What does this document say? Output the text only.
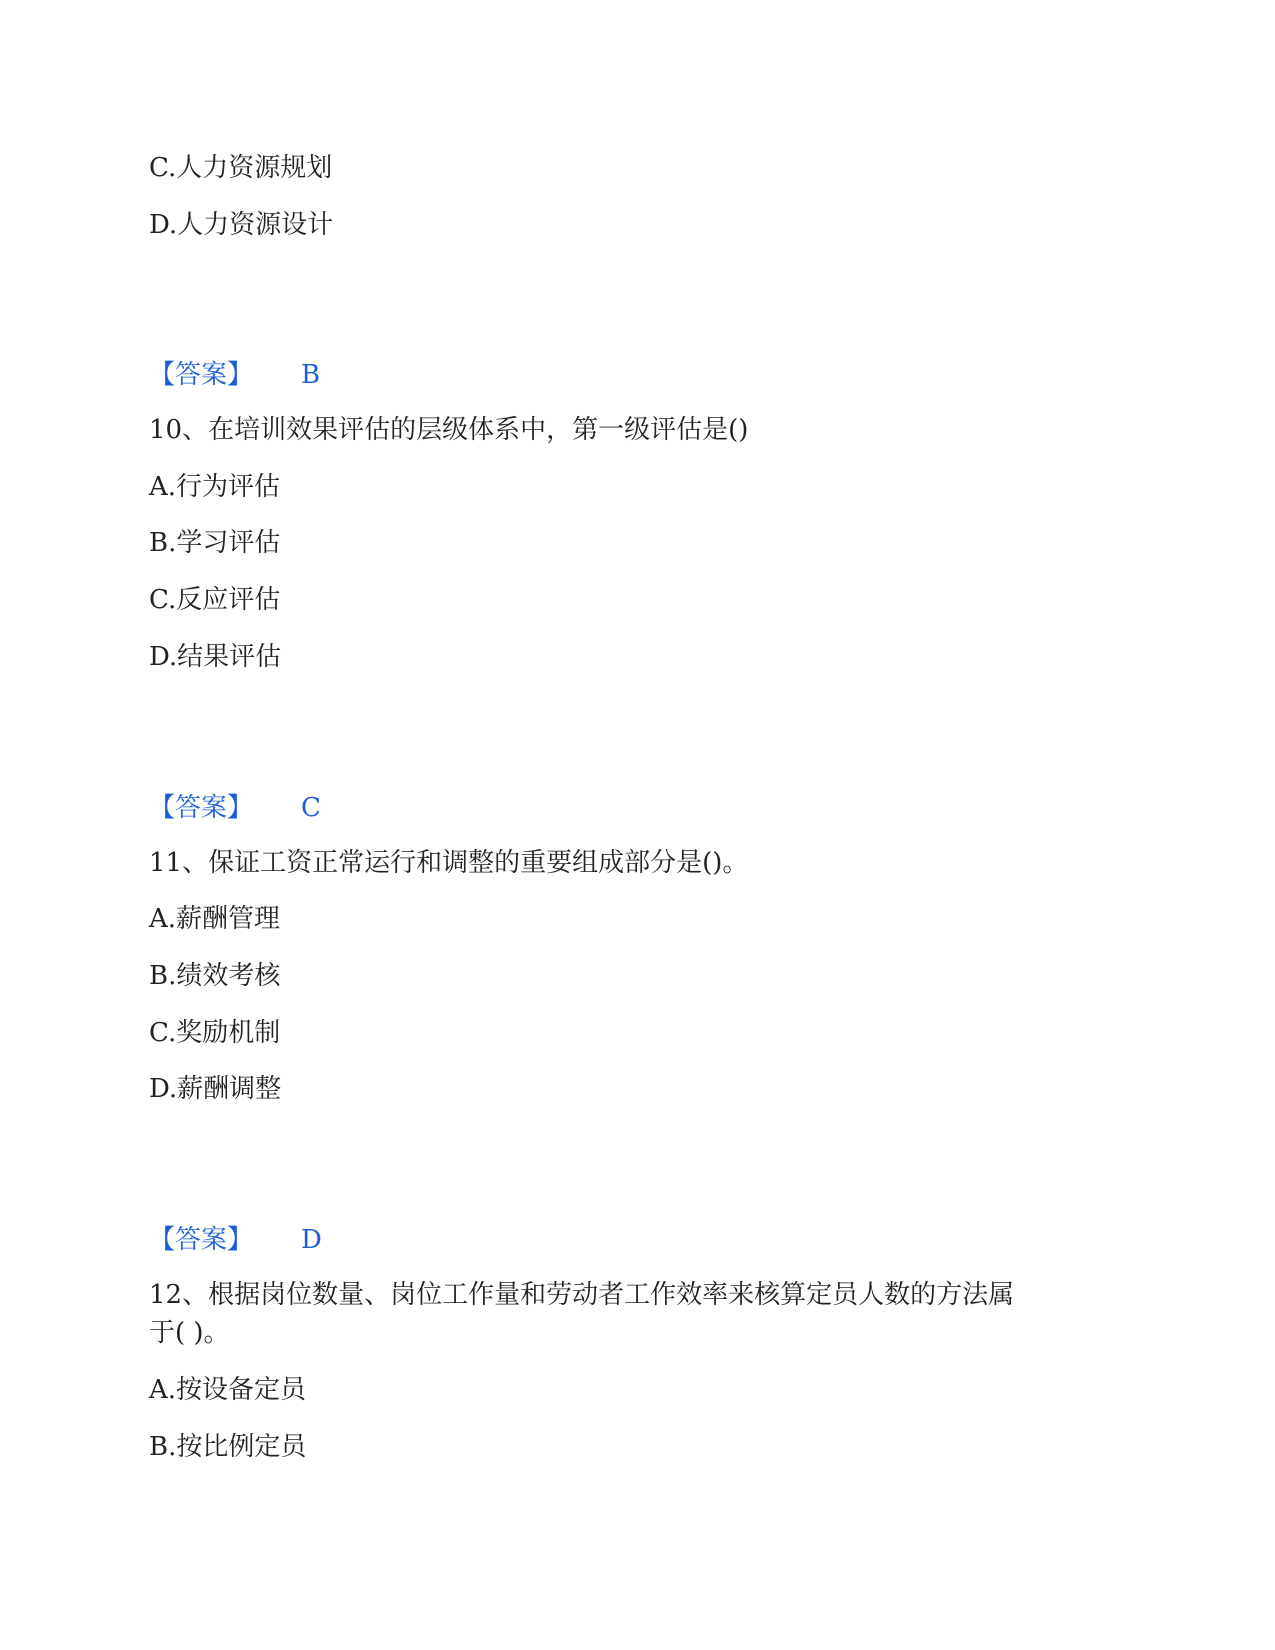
C.人力资源规划
D.人力资源设计
【答案】 B
10、在培训效果评估的层级体系中，第一级评估是()
A.行为评估
B.学习评估
C.反应评估
D.结果评估
【答案】 C
11、保证工资正常运行和调整的重要组成部分是()。
A.薪酬管理
B.绩效考核
C.奖励机制
D.薪酬调整
【答案】 D
12、根据岗位数量、岗位工作量和劳动者工作效率来核算定员人数的方法属
于( )。
A.按设备定员
B.按比例定员
